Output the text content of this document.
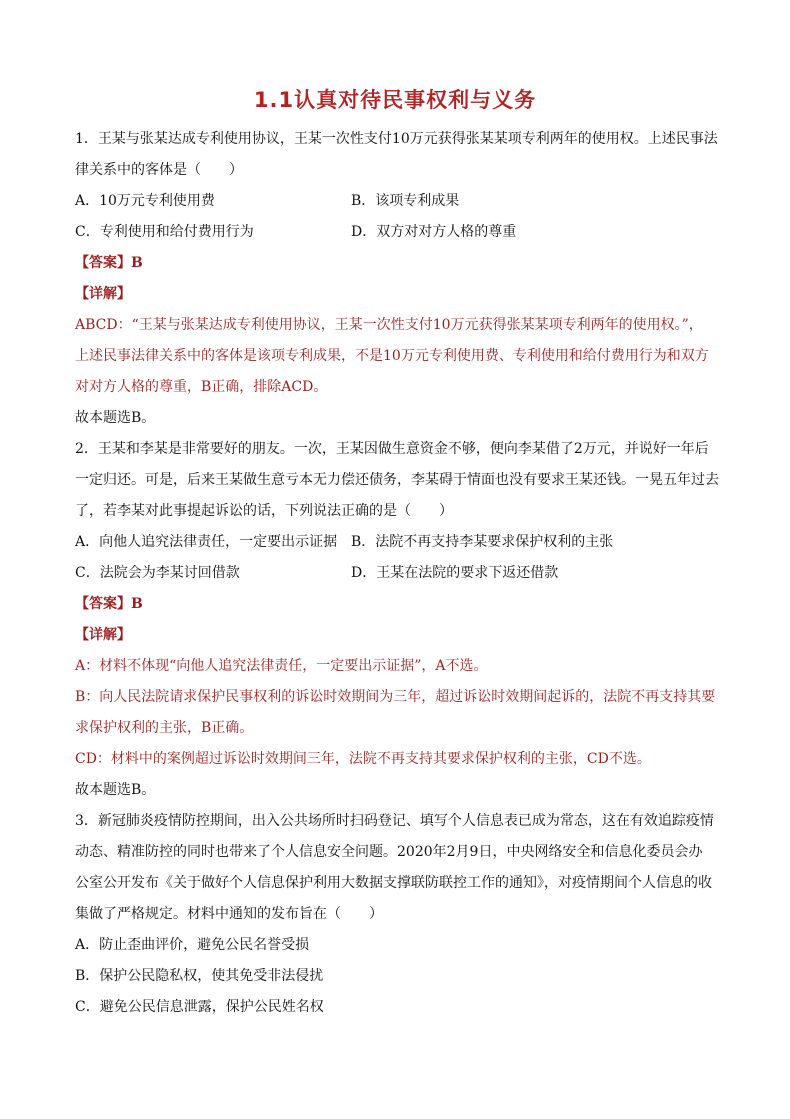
1.1认真对待民事权利与义务
1．王某与张某达成专利使用协议，王某一次性支付10万元获得张某某项专利两年的使用权。上述民事法
律关系中的客体是（　　）
A．10万元专利使用费	B．该项专利成果
C．专利使用和给付费用行为	D．双方对对方人格的尊重
【答案】B
【详解】
ABCD：“王某与张某达成专利使用协议，王某一次性支付10万元获得张某某项专利两年的使用权。”，
上述民事法律关系中的客体是该项专利成果，不是10万元专利使用费、专利使用和给付费用行为和双方
对对方人格的尊重，B正确，排除ACD。
故本题选B。
2．王某和李某是非常要好的朋友。一次，王某因做生意资金不够，便向李某借了2万元，并说好一年后
一定归还。可是，后来王某做生意亏本无力偿还债务，李某碍于情面也没有要求王某还钱。一晃五年过去
了，若李某对此事提起诉讼的话，下列说法正确的是（　　）
A．向他人追究法律责任，一定要出示证据 B．法院不再支持李某要求保护权利的主张
C．法院会为李某讨回借款	D．王某在法院的要求下返还借款
【答案】B
【详解】
A：材料不体现“向他人追究法律责任，一定要出示证据”，A不选。
B：向人民法院请求保护民事权利的诉讼时效期间为三年，超过诉讼时效期间起诉的，法院不再支持其要
求保护权利的主张，B正确。
CD：材料中的案例超过诉讼时效期间三年，法院不再支持其要求保护权利的主张，CD不选。
故本题选B。
3．新冠肺炎疫情防控期间，出入公共场所时扫码登记、填写个人信息表已成为常态，这在有效追踪疫情
动态、精准防控的同时也带来了个人信息安全问题。2020年2月9日，中央网络安全和信息化委员会办
公室公开发布《关于做好个人信息保护利用大数据支撑联防联控工作的通知》，对疫情期间个人信息的收
集做了严格规定。材料中通知的发布旨在（　　）
A．防止歪曲评价，避免公民名誉受损
B．保护公民隐私权，使其免受非法侵扰
C．避免公民信息泄露，保护公民姓名权
